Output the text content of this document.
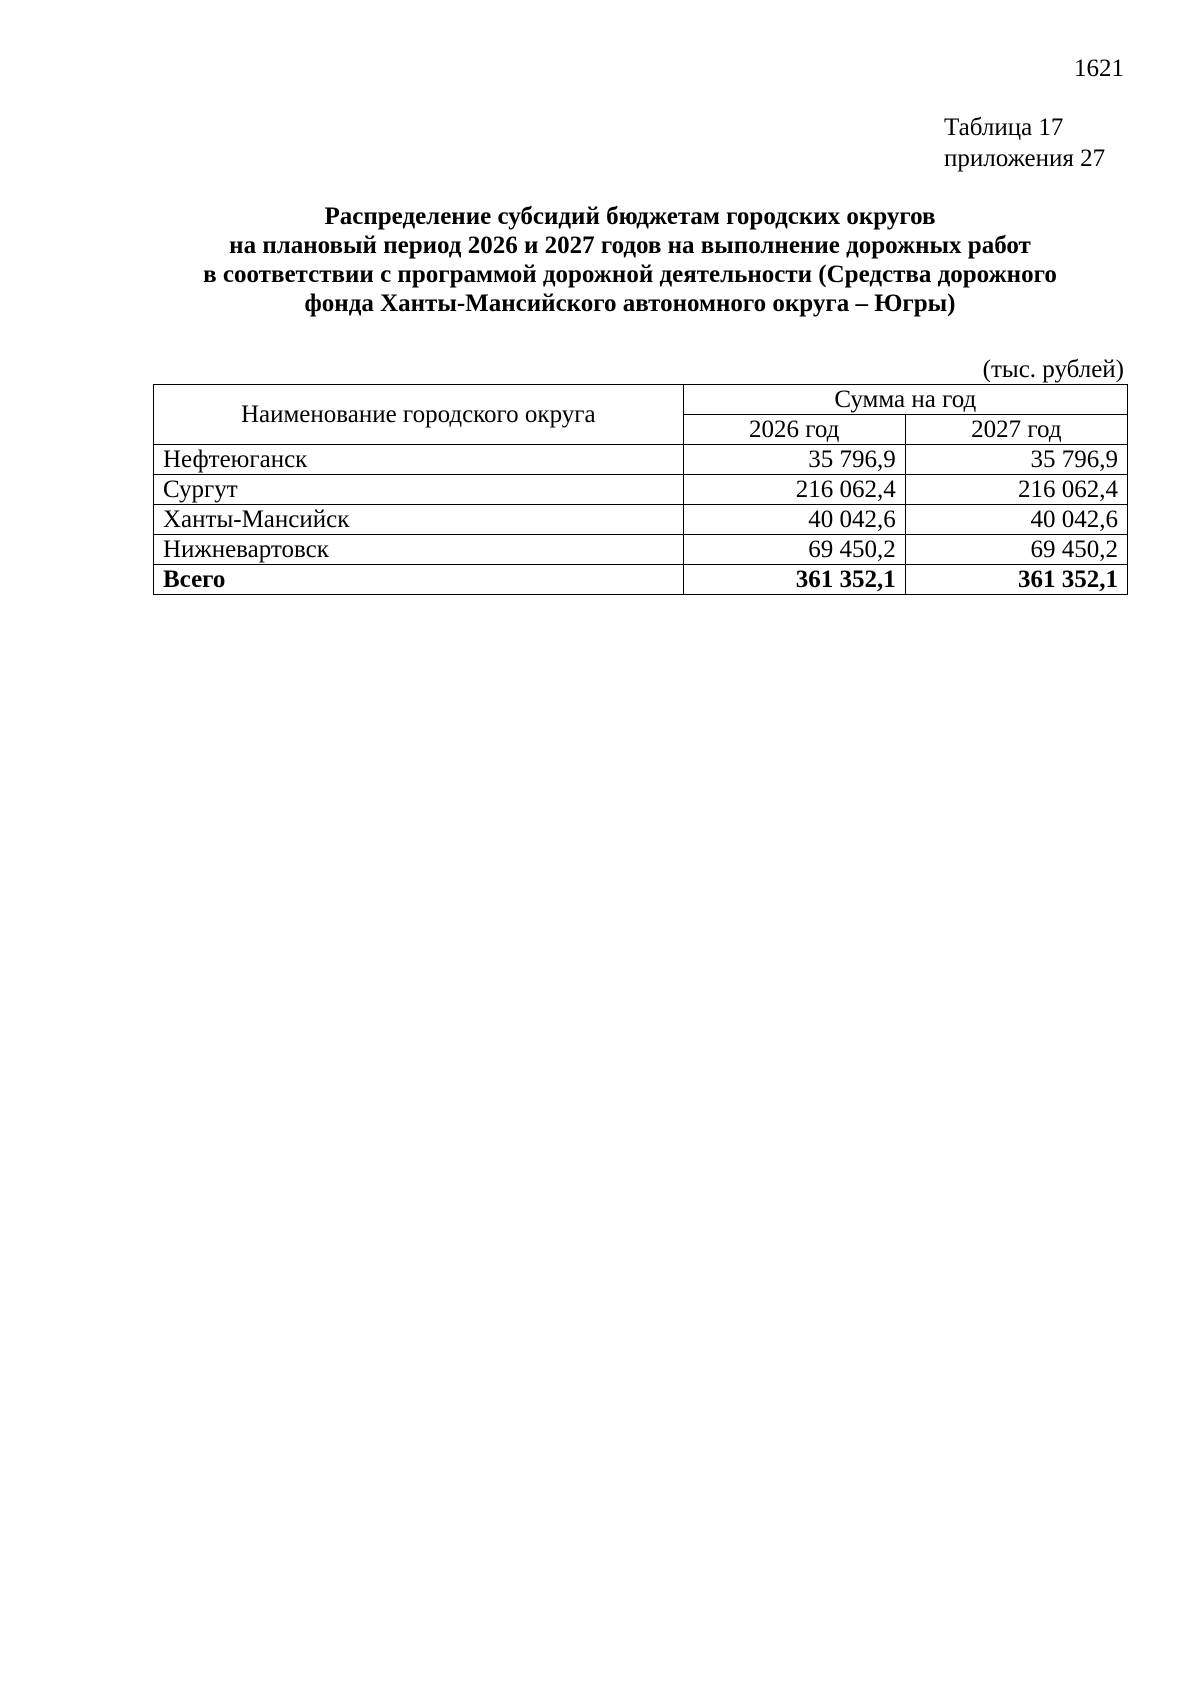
1621
Таблица 17
приложения 27
Распределение субсидий бюджетам городских округов
на плановый период 2026 и 2027 годов на выполнение дорожных работ
в соответствии с программой дорожной деятельности (Средства дорожного
фонда Ханты-Мансийского автономного округа – Югры)
(тыс. рублей)
Наименование городского округа	Сумма на год	
	2026 год	2027 год
Нефтеюганск	35 796,9	35 796,9
Сургут	216 062,4	216 062,4
Ханты-Мансийск	40 042,6	40 042,6
Нижневартовск	69 450,2	69 450,2
Всего	361 352,1	361 352,1
